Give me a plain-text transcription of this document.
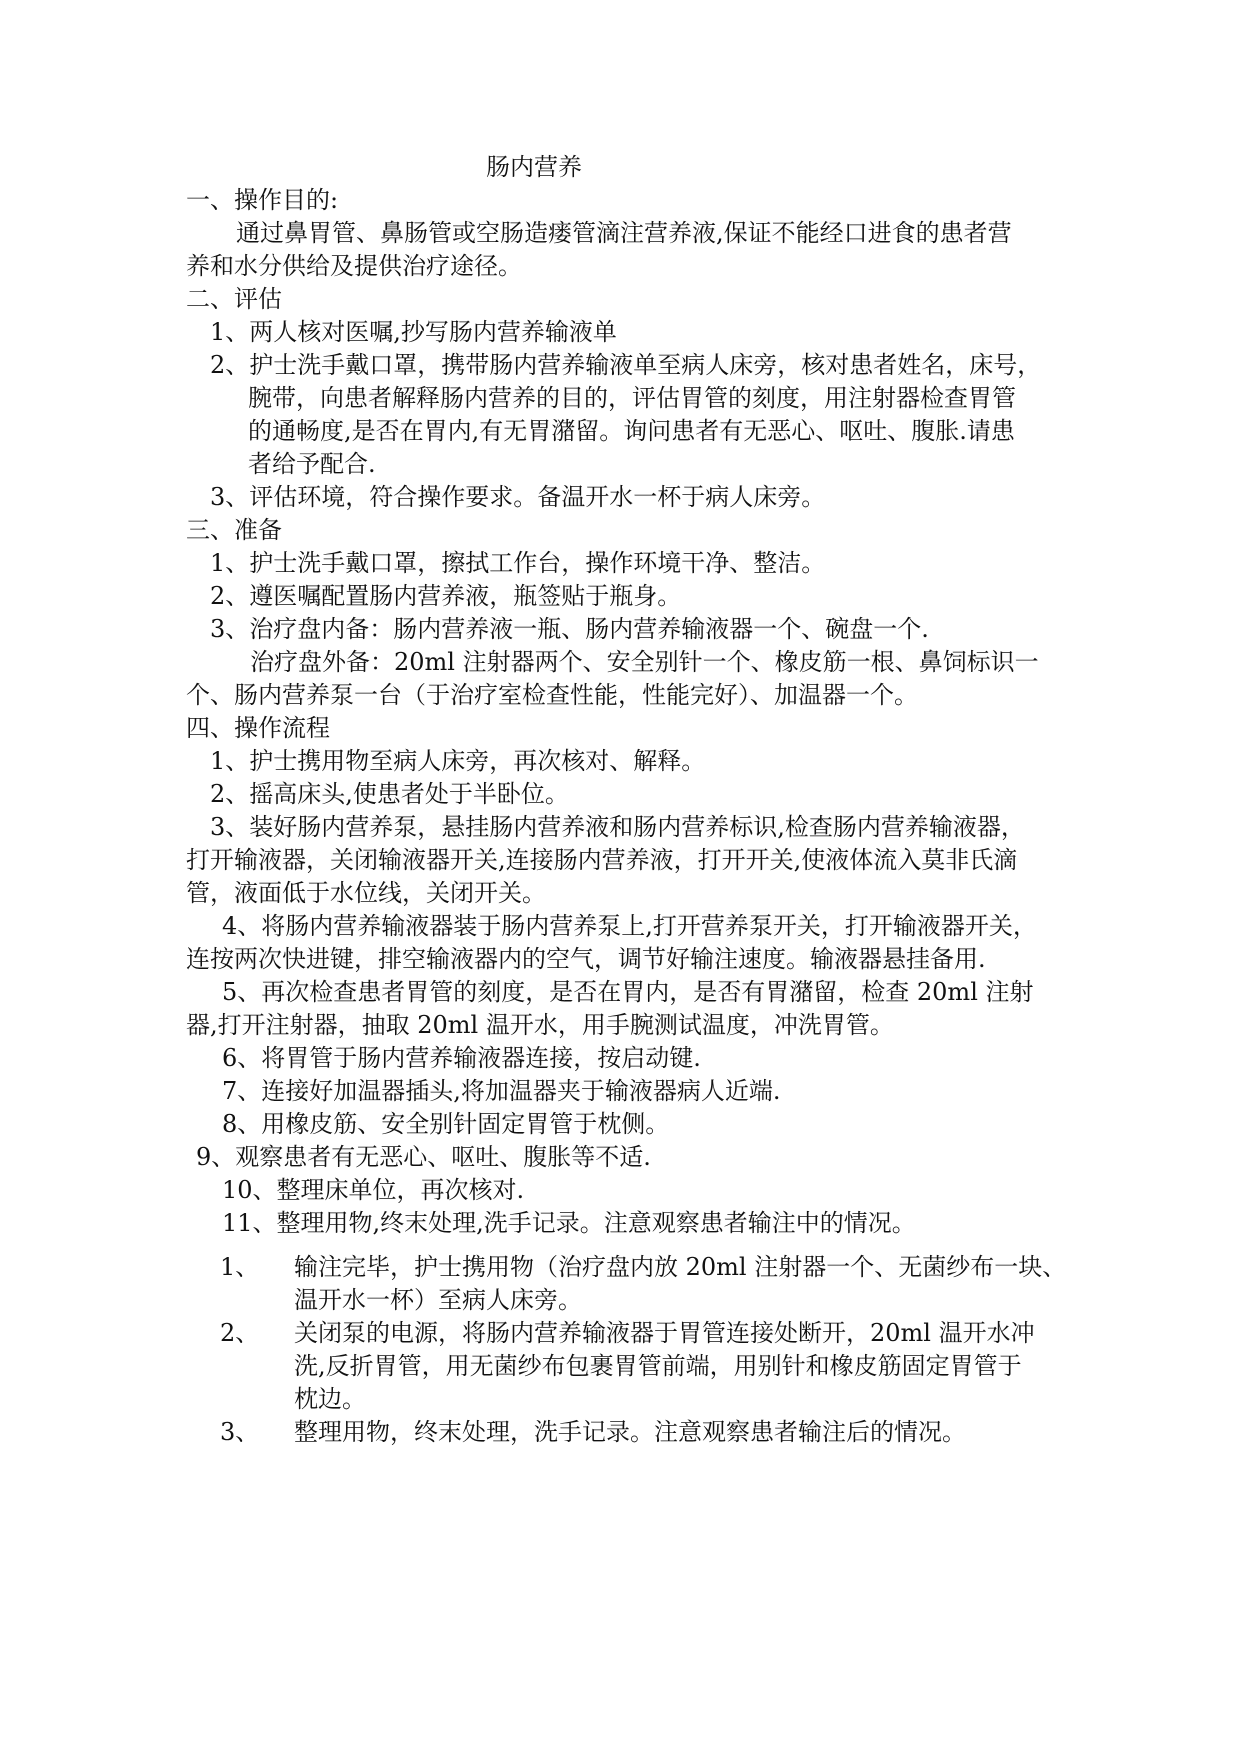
肠内营养
一、操作目的:
通过鼻胃管、鼻肠管或空肠造瘘管滴注营养液,保证不能经口进食的患者营
养和水分供给及提供治疗途径。
二、评估
1、两人核对医嘱,抄写肠内营养输液单
2、护士洗手戴口罩，携带肠内营养输液单至病人床旁，核对患者姓名，床号，
腕带，向患者解释肠内营养的目的，评估胃管的刻度，用注射器检查胃管
的通畅度,是否在胃内,有无胃潴留。询问患者有无恶心、呕吐、腹胀.请患
者给予配合.
3、评估环境，符合操作要求。备温开水一杯于病人床旁。
三、准备
1、护士洗手戴口罩，擦拭工作台，操作环境干净、整洁。
2、遵医嘱配置肠内营养液，瓶签贴于瓶身。
3、治疗盘内备：肠内营养液一瓶、肠内营养输液器一个、碗盘一个.
治疗盘外备：20ml 注射器两个、安全别针一个、橡皮筋一根、鼻饲标识一
个、肠内营养泵一台（于治疗室检查性能，性能完好）、加温器一个。
四、操作流程
1、护士携用物至病人床旁，再次核对、解释。
2、摇高床头,使患者处于半卧位。
3、装好肠内营养泵，悬挂肠内营养液和肠内营养标识,检查肠内营养输液器，
打开输液器，关闭输液器开关,连接肠内营养液，打开开关,使液体流入莫非氏滴
管，液面低于水位线，关闭开关。
4、将肠内营养输液器装于肠内营养泵上,打开营养泵开关，打开输液器开关，
连按两次快进键，排空输液器内的空气，调节好输注速度。输液器悬挂备用.
5、再次检查患者胃管的刻度，是否在胃内，是否有胃潴留，检查 20ml 注射
器,打开注射器，抽取 20ml 温开水，用手腕测试温度，冲洗胃管。
6、将胃管于肠内营养输液器连接，按启动键.
7、连接好加温器插头,将加温器夹于输液器病人近端.
8、用橡皮筋、安全别针固定胃管于枕侧。
9、观察患者有无恶心、呕吐、腹胀等不适.
10、整理床单位，再次核对.
11、整理用物,终末处理,洗手记录。注意观察患者输注中的情况。
1、 输注完毕，护士携用物（治疗盘内放 20ml 注射器一个、无菌纱布一块、
温开水一杯）至病人床旁。
2、 关闭泵的电源，将肠内营养输液器于胃管连接处断开，20ml 温开水冲
洗,反折胃管，用无菌纱布包裹胃管前端，用别针和橡皮筋固定胃管于
枕边。
3、 整理用物，终末处理，洗手记录。注意观察患者输注后的情况。
